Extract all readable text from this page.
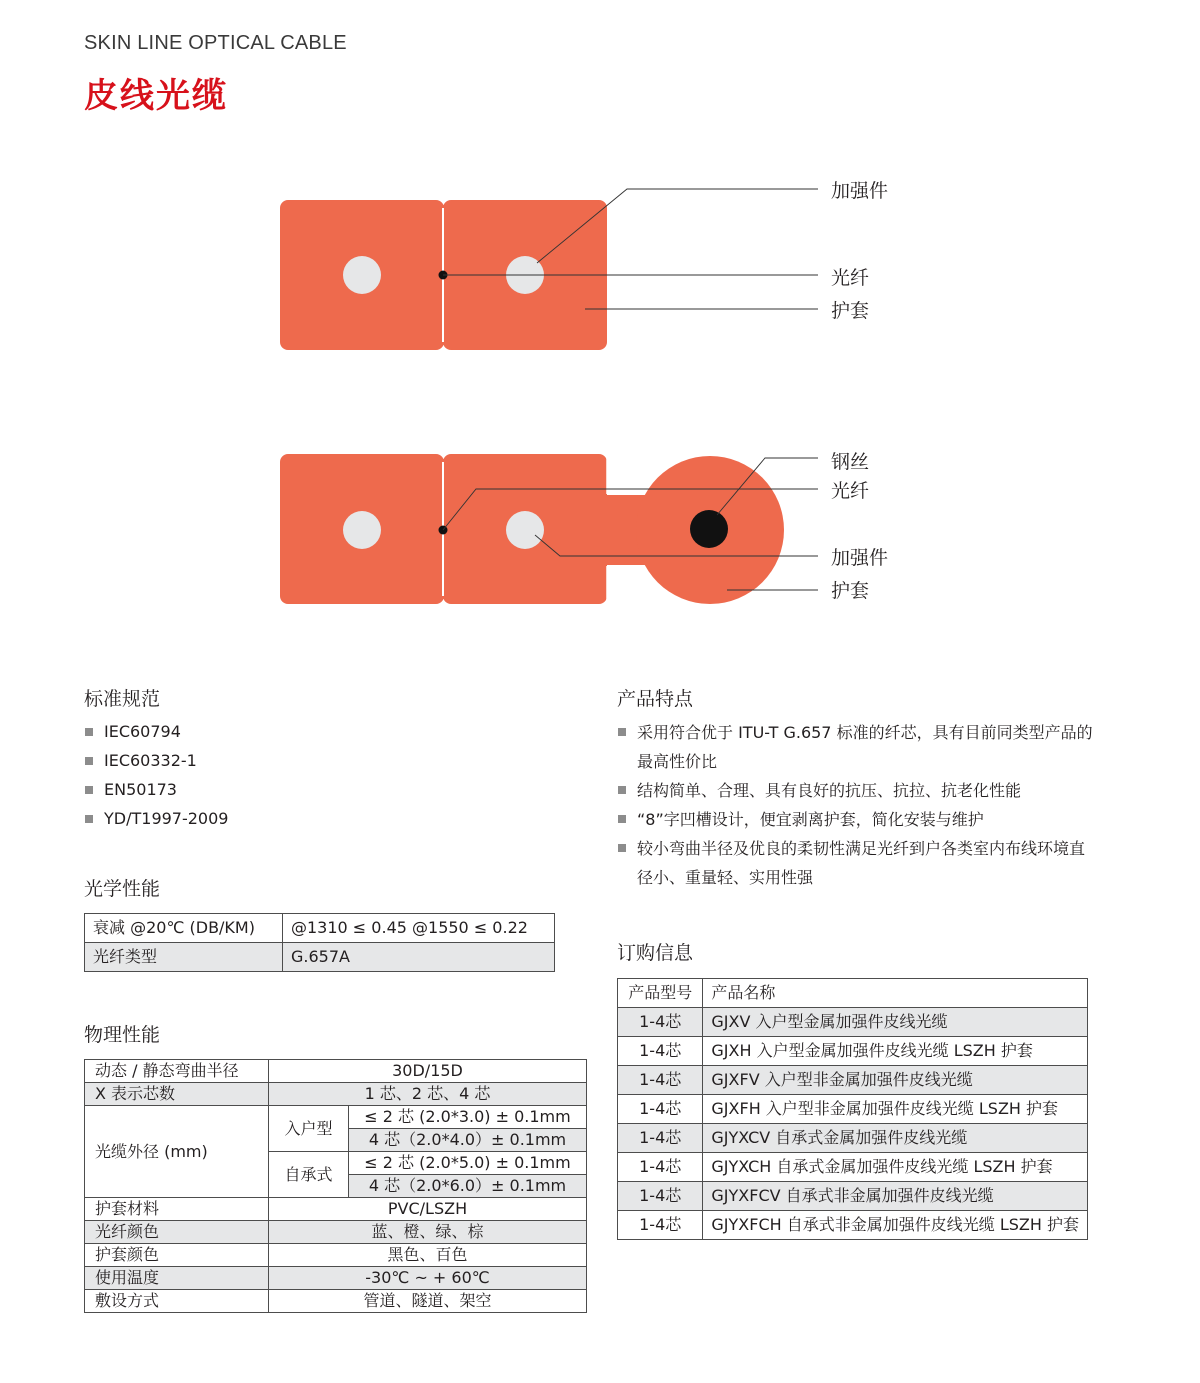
SKIN LINE OPTICAL CABLE
皮线光缆
加强件
光纤
护套
钢丝
光纤
加强件
护套
标准规范
IEC60794
IEC60332-1
EN50173
YD/T1997-2009
产品特点
采用符合优于 ITU-T G.657 标准的纤芯，具有目前同类型产品的最高性价比
结构简单、合理、具有良好的抗压、抗拉、抗老化性能
“8”字凹槽设计，便宜剥离护套，简化安装与维护
较小弯曲半径及优良的柔韧性满足光纤到户各类室内布线环境直径小、重量轻、实用性强
光学性能
衰减 @20℃ (DB/KM)	@1310 ≤ 0.45 @1550 ≤ 0.22
光纤类型	G.657A
物理性能
动态 / 静态弯曲半径	30D/15D	
X 表示芯数	1 芯、2 芯、4 芯	
光缆外径 (mm)	入户型	≤ 2 芯 (2.0*3.0) ± 0.1mm
		4 芯（2.0*4.0）± 0.1mm
	自承式	≤ 2 芯 (2.0*5.0) ± 0.1mm
		4 芯（2.0*6.0）± 0.1mm
护套材料	PVC/LSZH	
光纤颜色	蓝、橙、绿、棕	
护套颜色	黑色、百色	
使用温度	-30℃ ~ + 60℃	
敷设方式	管道、隧道、架空	
订购信息
产品型号	产品名称
1-4芯	GJXV 入户型金属加强件皮线光缆
1-4芯	GJXH 入户型金属加强件皮线光缆 LSZH 护套
1-4芯	GJXFV 入户型非金属加强件皮线光缆
1-4芯	GJXFH 入户型非金属加强件皮线光缆 LSZH 护套
1-4芯	GJYXCV 自承式金属加强件皮线光缆
1-4芯	GJYXCH 自承式金属加强件皮线光缆 LSZH 护套
1-4芯	GJYXFCV 自承式非金属加强件皮线光缆
1-4芯	GJYXFCH 自承式非金属加强件皮线光缆 LSZH 护套
